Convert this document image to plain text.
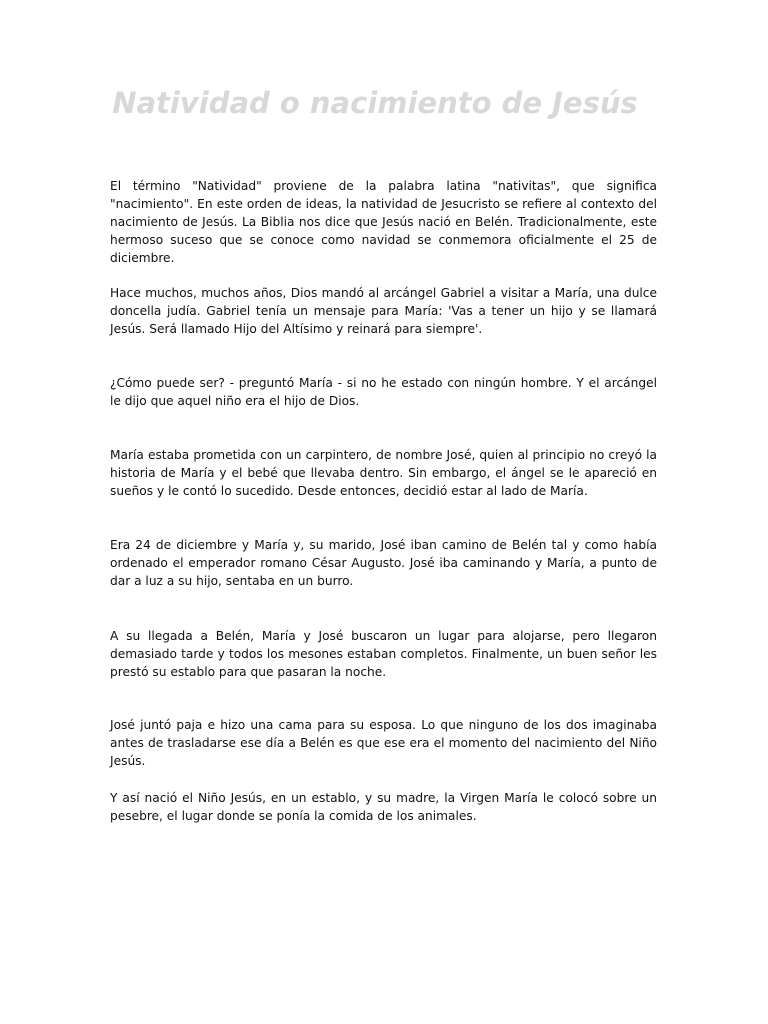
Natividad o nacimiento de Jesús

El término "Natividad" proviene de la palabra latina "nativitas", que significa "nacimiento". En este orden de ideas, la natividad de Jesucristo se refiere al contexto del nacimiento de Jesús. La Biblia nos dice que Jesús nació en Belén. Tradicionalmente, este hermoso suceso que se conoce como navidad se conmemora oficialmente el 25 de diciembre.

Hace muchos, muchos años, Dios mandó al arcángel Gabriel a visitar a María, una dulce doncella judía. Gabriel tenía un mensaje para María: 'Vas a tener un hijo y se llamará Jesús. Será llamado Hijo del Altísimo y reinará para siempre'.

¿Cómo puede ser? - preguntó María - si no he estado con ningún hombre. Y el arcángel le dijo que aquel niño era el hijo de Dios.

María estaba prometida con un carpintero, de nombre José, quien al principio no creyó la historia de María y el bebé que llevaba dentro. Sin embargo, el ángel se le apareció en sueños y le contó lo sucedido. Desde entonces, decidió estar al lado de María.

Era 24 de diciembre y María y, su marido, José iban camino de Belén tal y como había ordenado el emperador romano César Augusto. José iba caminando y María, a punto de dar a luz a su hijo, sentaba en un burro.

A su llegada a Belén, María y José buscaron un lugar para alojarse, pero llegaron demasiado tarde y todos los mesones estaban completos. Finalmente, un buen señor les prestó su establo para que pasaran la noche.

José juntó paja e hizo una cama para su esposa. Lo que ninguno de los dos imaginaba antes de trasladarse ese día a Belén es que ese era el momento del nacimiento del Niño Jesús.

Y así nació el Niño Jesús, en un establo, y su madre, la Virgen María le colocó sobre un pesebre, el lugar donde se ponía la comida de los animales.
